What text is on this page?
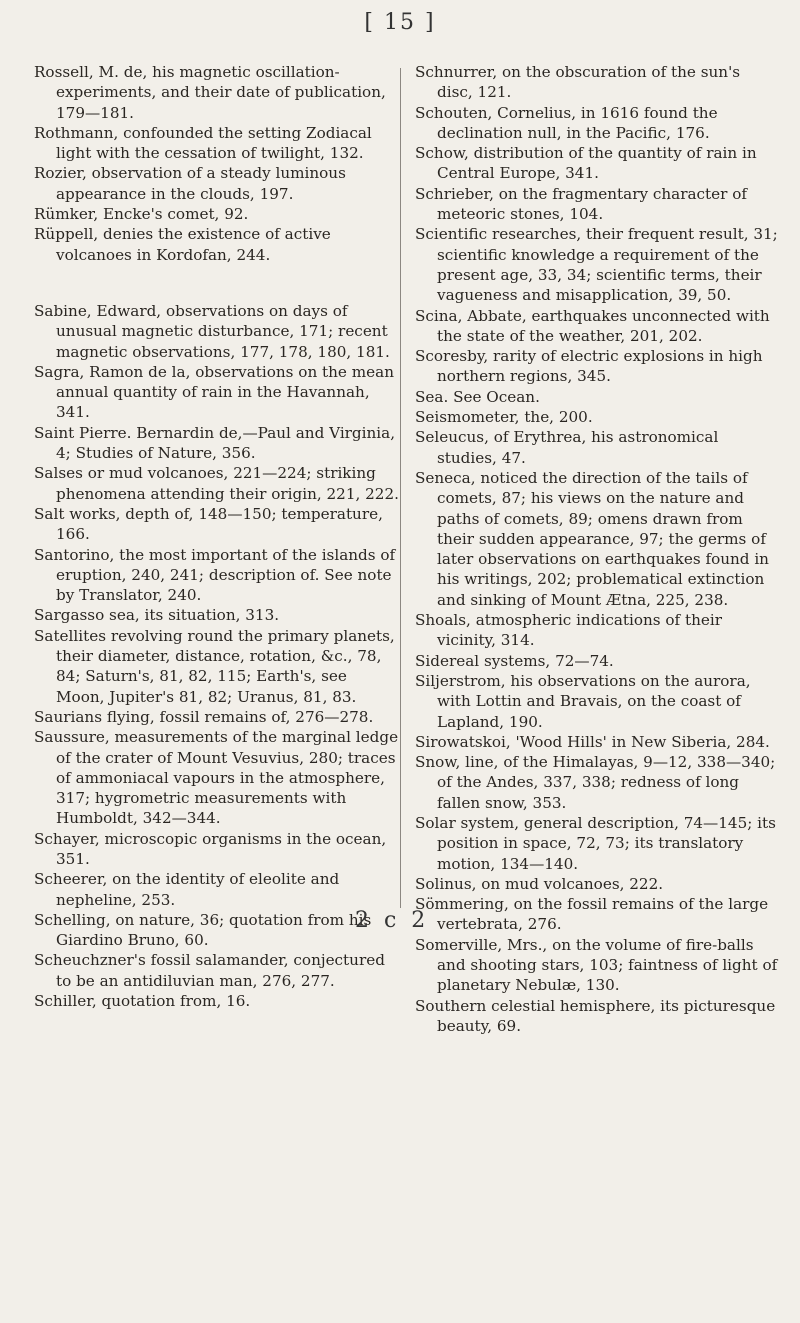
[ 15 ]

Rossell, M. de, his magnetic oscillation-experiments, and their date of publication, 179—181.

Rothmann, confounded the setting Zodiacal light with the cessation of twilight, 132.

Rozier, observation of a steady luminous appearance in the clouds, 197.

Rümker, Encke's comet, 92.

Rüppell, denies the existence of active volcanoes in Kordofan, 244.

Sabine, Edward, observations on days of unusual magnetic disturbance, 171; recent magnetic observations, 177, 178, 180, 181.

Sagra, Ramon de la, observations on the mean annual quantity of rain in the Havannah, 341.

Saint Pierre. Bernardin de,—Paul and Virginia, 4; Studies of Nature, 356.

Salses or mud volcanoes, 221—224; striking phenomena attending their origin, 221, 222.

Salt works, depth of, 148—150; temperature, 166.

Santorino, the most important of the islands of eruption, 240, 241; description of. See note by Translator, 240.

Sargasso sea, its situation, 313.

Satellites revolving round the primary planets, their diameter, distance, rotation, &c., 78, 84; Saturn's, 81, 82, 115; Earth's, see Moon, Jupiter's 81, 82; Uranus, 81, 83.

Saurians flying, fossil remains of, 276—278.

Saussure, measurements of the marginal ledge of the crater of Mount Vesuvius, 280; traces of ammoniacal vapours in the atmosphere, 317; hygrometric measurements with Humboldt, 342—344.

Schayer, microscopic organisms in the ocean, 351.

Scheerer, on the identity of eleolite and nepheline, 253.

Schelling, on nature, 36; quotation from his Giardino Bruno, 60.

Scheuchzner's fossil salamander, conjectured to be an antidiluvian man, 276, 277.

Schiller, quotation from, 16.

Schnurrer, on the obscuration of the sun's disc, 121.

Schouten, Cornelius, in 1616 found the declination null, in the Pacific, 176.

Schow, distribution of the quantity of rain in Central Europe, 341.

Schrieber, on the fragmentary character of meteoric stones, 104.

Scientific researches, their frequent result, 31; scientific knowledge a requirement of the present age, 33, 34; scientific terms, their vagueness and misapplication, 39, 50.

Scina, Abbate, earthquakes unconnected with the state of the weather, 201, 202.

Scoresby, rarity of electric explosions in high northern regions, 345.

Sea. See Ocean.

Seismometer, the, 200.

Seleucus, of Erythrea, his astronomical studies, 47.

Seneca, noticed the direction of the tails of comets, 87; his views on the nature and paths of comets, 89; omens drawn from their sudden appearance, 97; the germs of later observations on earthquakes found in his writings, 202; problematical extinction and sinking of Mount Ætna, 225, 238.

Shoals, atmospheric indications of their vicinity, 314.

Sidereal systems, 72—74.

Siljerstrom, his observations on the aurora, with Lottin and Bravais, on the coast of Lapland, 190.

Sirowatskoi, 'Wood Hills' in New Siberia, 284.

Snow, line, of the Himalayas, 9—12, 338—340; of the Andes, 337, 338; redness of long fallen snow, 353.

Solar system, general description, 74—145; its position in space, 72, 73; its translatory motion, 134—140.

Solinus, on mud volcanoes, 222.

Sömmering, on the fossil remains of the large vertebrata, 276.

Somerville, Mrs., on the volume of fire-balls and shooting stars, 103; faintness of light of planetary Nebulæ, 130.

Southern celestial hemisphere, its picturesque beauty, 69.

2 c 2
